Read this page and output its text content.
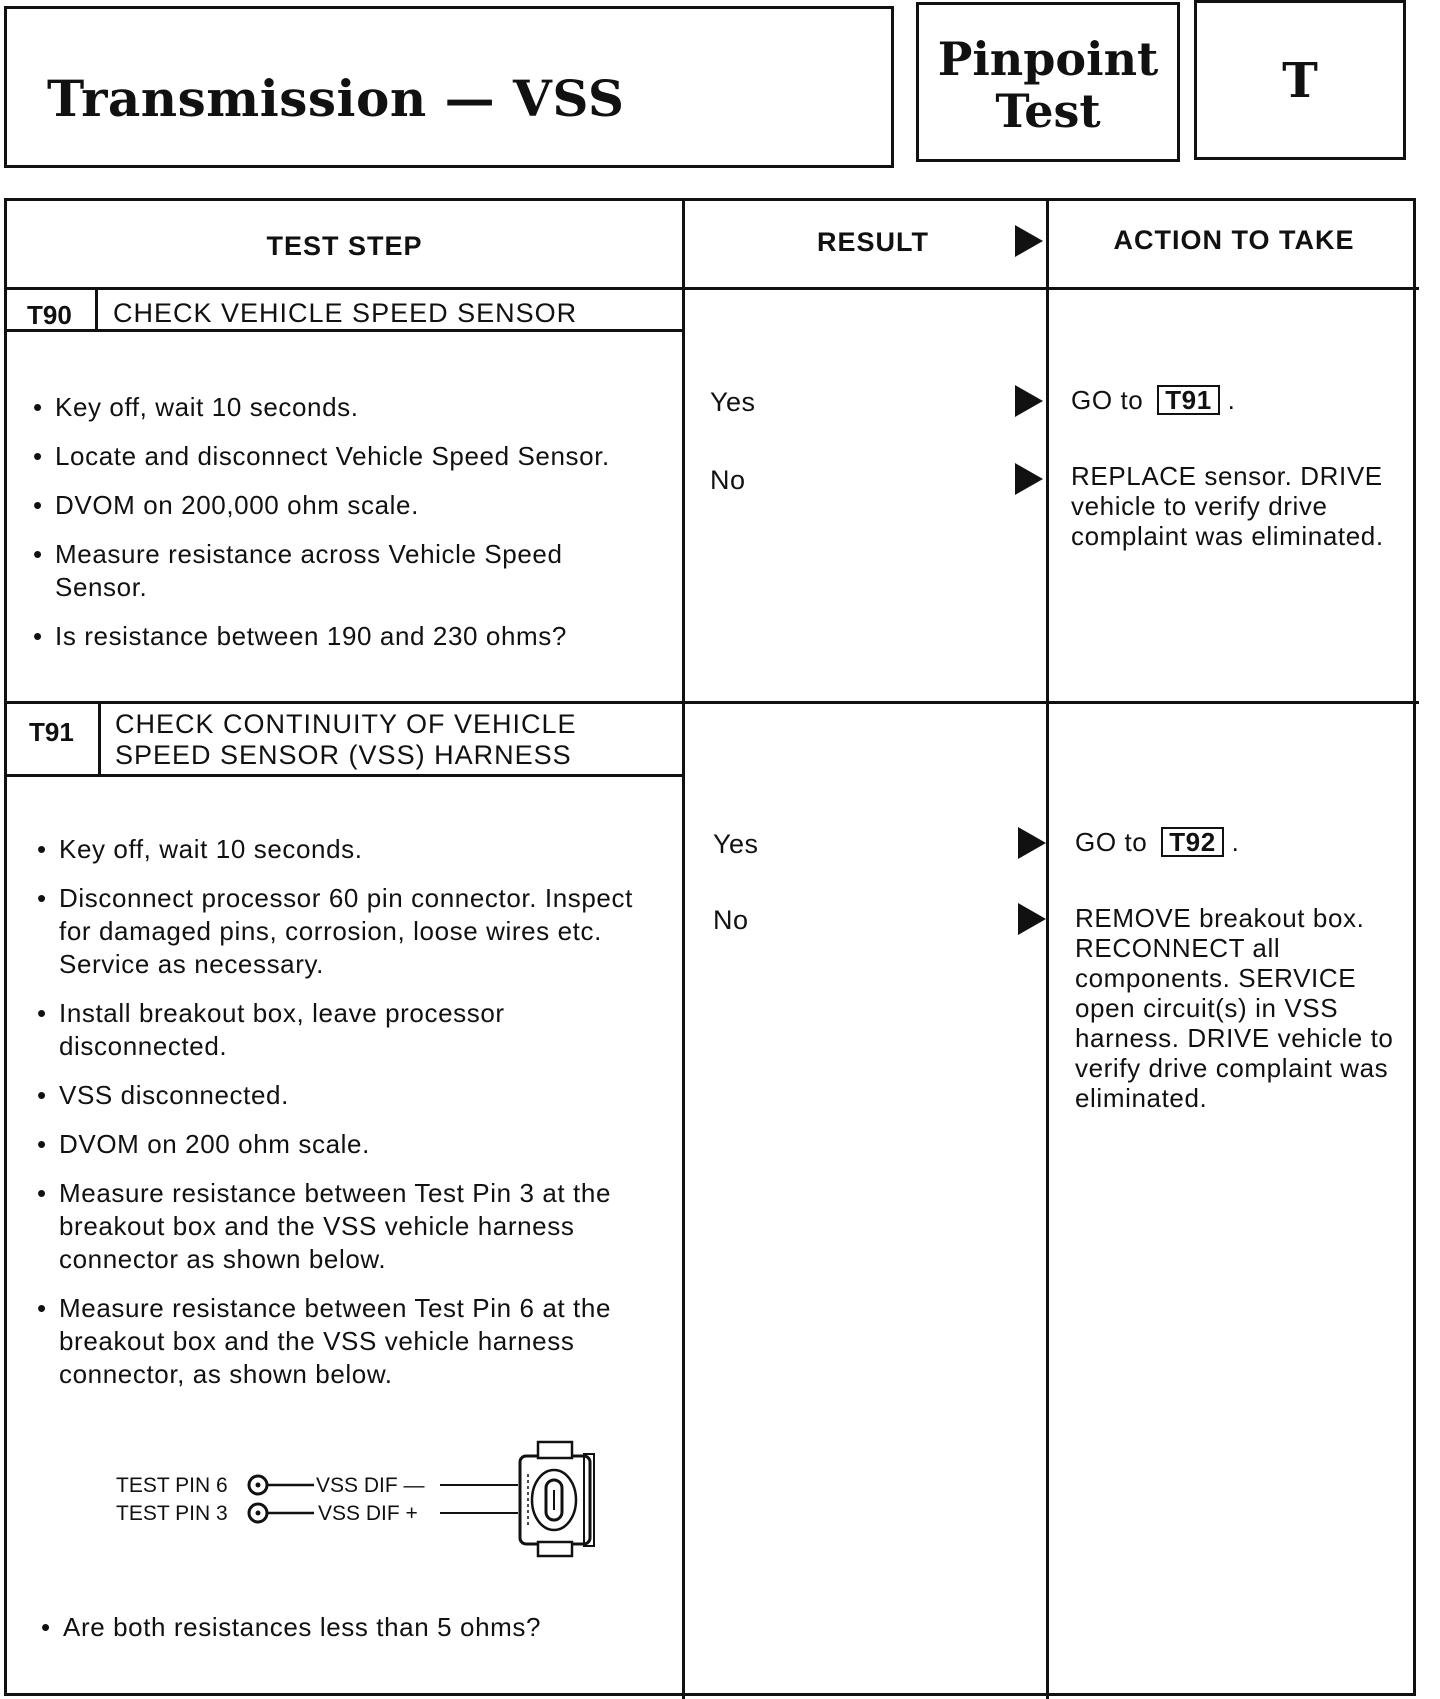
Transmission — VSS
Pinpoint
Test
T
TEST STEP	RESULT	ACTION TO TAKE
T90 CHECK VEHICLE SPEED SENSOR
• Key off, wait 10 seconds.
• Locate and disconnect Vehicle Speed Sensor.
• DVOM on 200,000 ohm scale.
• Measure resistance across Vehicle Speed Sensor.
• Is resistance between 190 and 230 ohms?
Yes
No
GO to T91 .
REPLACE sensor. DRIVE vehicle to verify drive complaint was eliminated.
T91 CHECK CONTINUITY OF VEHICLE
SPEED SENSOR (VSS) HARNESS
• Key off, wait 10 seconds.
• Disconnect processor 60 pin connector. Inspect for damaged pins, corrosion, loose wires etc. Service as necessary.
• Install breakout box, leave processor disconnected.
• VSS disconnected.
• DVOM on 200 ohm scale.
• Measure resistance between Test Pin 3 at the breakout box and the VSS vehicle harness connector as shown below.
• Measure resistance between Test Pin 6 at the breakout box and the VSS vehicle harness connector, as shown below.
• Are both resistances less than 5 ohms?
Yes
No
GO to T92 .
REMOVE breakout box. RECONNECT all components. SERVICE open circuit(s) in VSS harness. DRIVE vehicle to verify drive complaint was eliminated.
TEST PIN 6
TEST PIN 3
VSS DIF —
VSS DIF +
